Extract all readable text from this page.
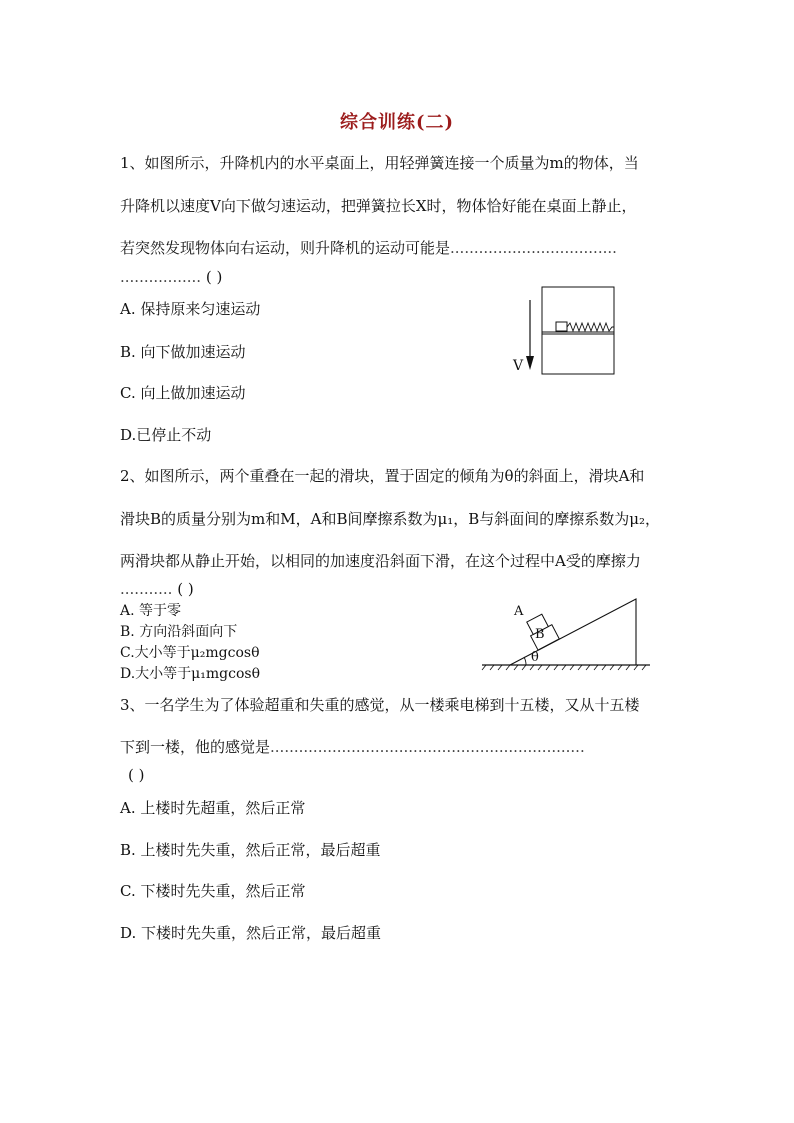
综合训练(二)
1、如图所示，升降机内的水平桌面上，用轻弹簧连接一个质量为m的物体，当
升降机以速度V向下做匀速运动，把弹簧拉长X时，物体恰好能在桌面上静止，
若突然发现物体向右运动，则升降机的运动可能是...................................
................. ( )
A. 保持原来匀速运动
B. 向下做加速运动
C. 向上做加速运动
D.已停止不动
V
2、如图所示，两个重叠在一起的滑块，置于固定的倾角为θ的斜面上，滑块A和
滑块B的质量分别为m和M，A和B间摩擦系数为μ₁，B与斜面间的摩擦系数为μ₂，
两滑块都从静止开始，以相同的加速度沿斜面下滑，在这个过程中A受的摩擦力
........... ( )
A. 等于零
B. 方向沿斜面向下
C.大小等于μ₂mgcosθ
D.大小等于μ₁mgcosθ
A
B
θ
3、一名学生为了体验超重和失重的感觉，从一楼乘电梯到十五楼，又从十五楼
下到一楼，他的感觉是..................................................................
( )
A. 上楼时先超重，然后正常
B. 上楼时先失重，然后正常，最后超重
C. 下楼时先失重，然后正常
D. 下楼时先失重，然后正常，最后超重
